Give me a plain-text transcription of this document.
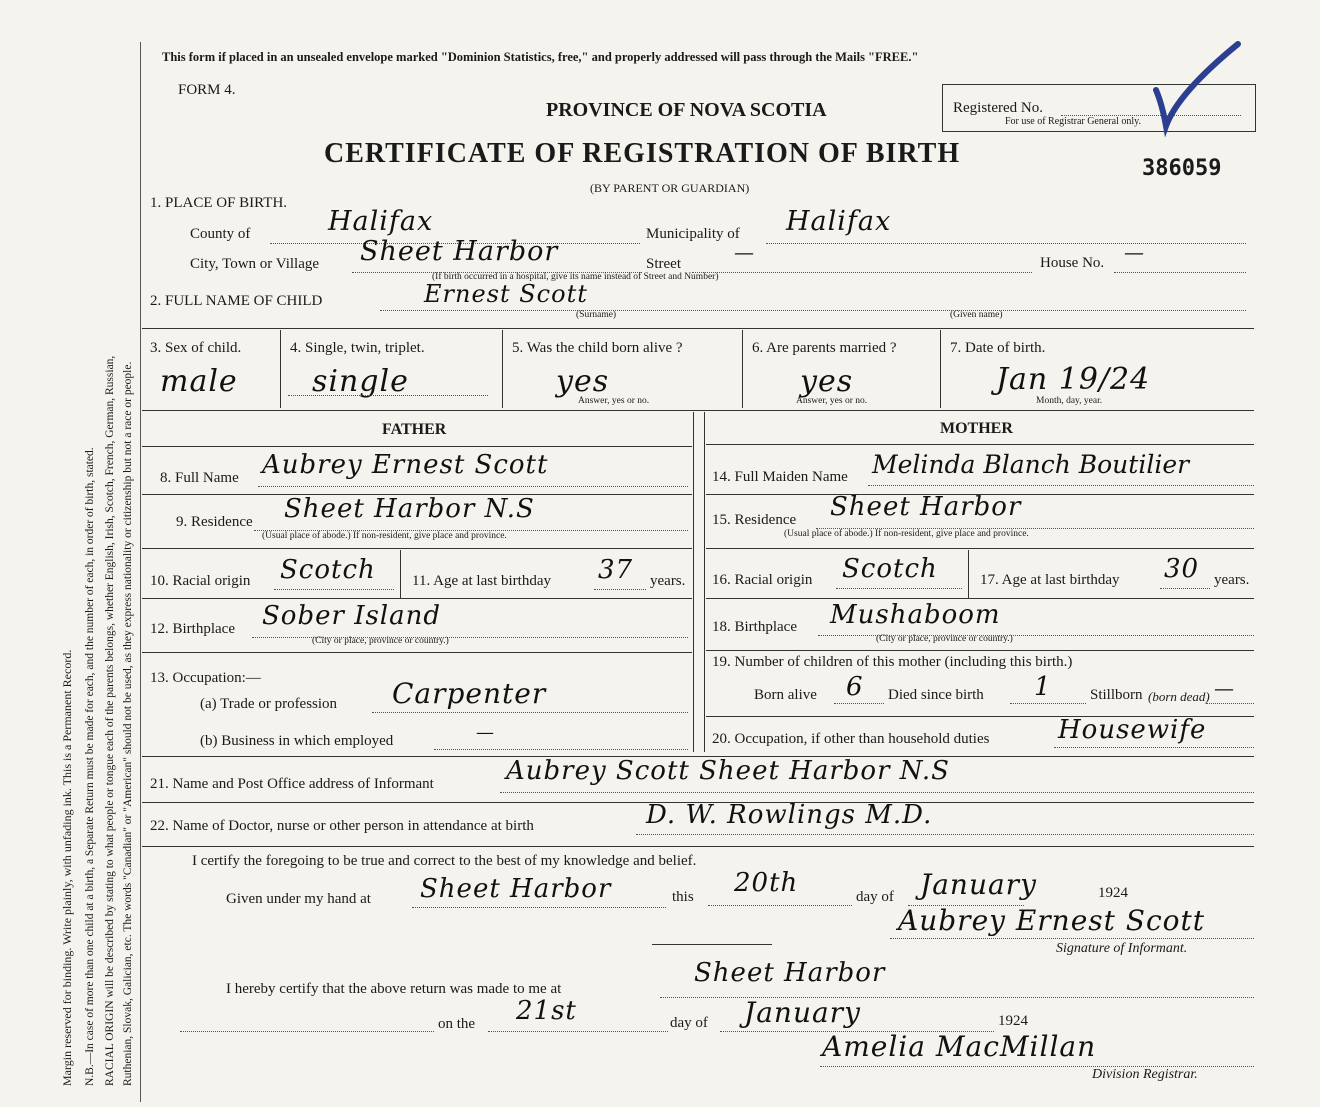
Margin reserved for binding. Write plainly, with unfading ink. This is a Permanent Record. N.B.—In case of more than one child at a birth, a Separate Return must be made for each, and the number of each, in order of birth, stated. RACIAL ORIGIN will be described by stating to what people or tongue each of the parents belongs, whether English, Irish, Scotch, French, German, Russian, Ruthenian, Slovak, Galician, etc. The words "Canadian" or "American" should not be used, as they express nationality or citizenship but not a race or people.
This form if placed in an unsealed envelope marked "Dominion Statistics, free," and properly addressed will pass through the Mails "FREE."
FORM 4.
PROVINCE OF NOVA SCOTIA
CERTIFICATE OF REGISTRATION OF BIRTH
(BY PARENT OR GUARDIAN)
Registered No.
For use of Registrar General only.
386059
1. PLACE OF BIRTH.
County of	Halifax	Municipality of Halifax
City, Town or Village Sheet Harbor	Street	—	House No. —
(If birth occurred in a hospital, give its name instead of Street and Number)
2. FULL NAME OF CHILD	Ernest Scott
(Surname)	(Given name)
3. Sex of child.
male
4. Single, twin, triplet.
single
5. Was the child born alive ?
yes
Answer, yes or no.
6. Are parents married ?
yes
Answer, yes or no.
7. Date of birth.
Jan 19/24
Month, day, year.
FATHER	MOTHER
8. Full Name Aubrey Ernest Scott
9. Residence Sheet Harbor N.S
(Usual place of abode.) If non-resident, give place and province.
10. Racial origin Scotch 11. Age at last birthday 37 years.
12. Birthplace Sober Island
(City or place, province or country.)
13. Occupation:—
(a) Trade or profession Carpenter
(b) Business in which employed	—
14. Full Maiden Name Melinda Blanch Boutilier
15. Residence Sheet Harbor
(Usual place of abode.) If non-resident, give place and province.
16. Racial origin Scotch	17. Age at last birthday 30 years.
18. Birthplace Mushaboom
(City or place, province or country.)
19. Number of children of this mother (including this birth.)
Born alive 6 Died since birth 1	Stillborn (born dead) —
20. Occupation, if other than household duties	Housewife
21. Name and Post Office address of Informant	Aubrey Scott Sheet Harbor N.S
22. Name of Doctor, nurse or other person in attendance at birth	D. W. Rowlings M.D.
I certify the foregoing to be true and correct to the best of my knowledge and belief.
Given under my hand at Sheet Harbor	this 20th	day of January	1924
Aubrey Ernest Scott
Signature of Informant.
I hereby certify that the above return was made to me at
Sheet Harbor
on the 21st	day of January	1924
Amelia MacMillan
Division Registrar.
